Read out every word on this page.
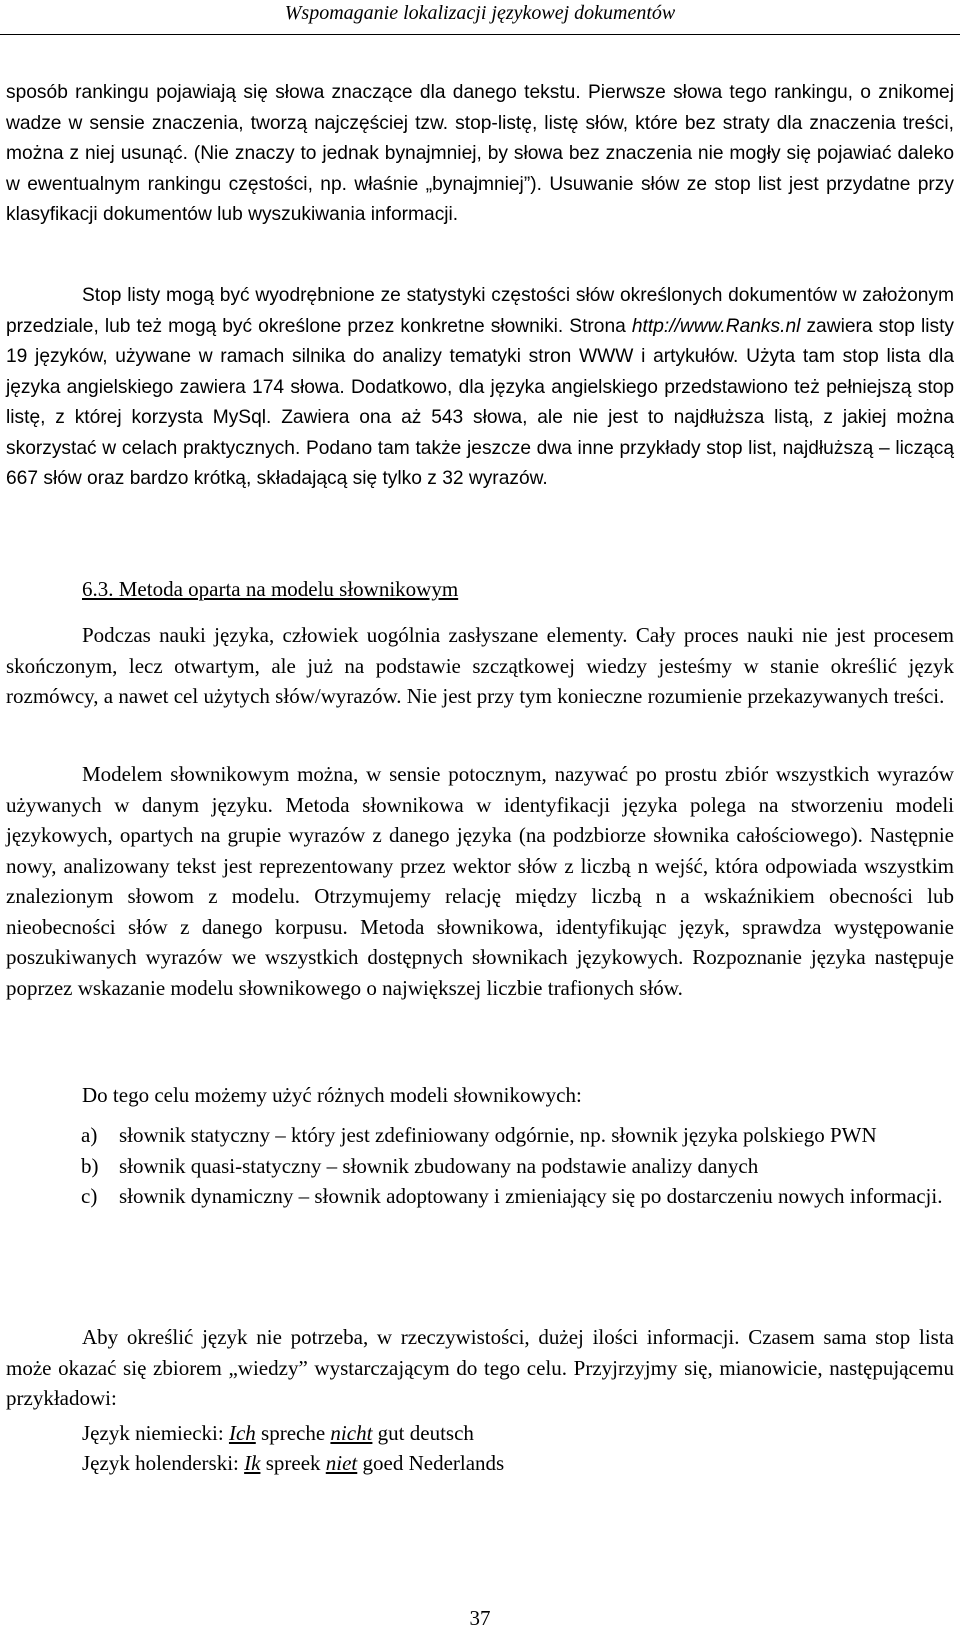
Wspomaganie lokalizacji językowej dokumentów

sposób rankingu pojawiają się słowa znaczące dla danego tekstu. Pierwsze słowa tego rankingu, o znikomej wadze w sensie znaczenia, tworzą najczęściej tzw. stop-listę, listę słów, które bez straty dla znaczenia treści, można z niej usunąć. (Nie znaczy to jednak bynajmniej, by słowa bez znaczenia nie mogły się pojawiać daleko w ewentualnym rankingu częstości, np. właśnie „bynajmniej”). Usuwanie słów ze stop list jest przydatne przy klasyfikacji dokumentów lub wyszukiwania informacji.

Stop listy mogą być wyodrębnione ze statystyki częstości słów określonych dokumentów w założonym przedziale, lub też mogą być określone przez konkretne słowniki. Strona http://www.Ranks.nl zawiera stop listy 19 języków, używane w ramach silnika do analizy tematyki stron WWW i artykułów. Użyta tam stop lista dla języka angielskiego zawiera 174 słowa. Dodatkowo, dla języka angielskiego przedstawiono też pełniejszą stop listę, z której korzysta MySql. Zawiera ona aż 543 słowa, ale nie jest to najdłuższa listą, z jakiej można skorzystać w celach praktycznych. Podano tam także jeszcze dwa inne przykłady stop list, najdłuższą – liczącą 667 słów oraz bardzo krótką, składającą się tylko z 32 wyrazów.

6.3. Metoda oparta na modelu słownikowym

Podczas nauki języka, człowiek uogólnia zasłyszane elementy. Cały proces nauki nie jest procesem skończonym, lecz otwartym, ale już na podstawie szczątkowej wiedzy jesteśmy w stanie określić język rozmówcy, a nawet cel użytych słów/wyrazów. Nie jest przy tym konieczne rozumienie przekazywanych treści.

Modelem słownikowym można, w sensie potocznym, nazywać po prostu zbiór wszystkich wyrazów używanych w danym języku. Metoda słownikowa w identyfikacji języka polega na stworzeniu modeli językowych, opartych na grupie wyrazów z danego języka (na podzbiorze słownika całościowego). Następnie nowy, analizowany tekst jest reprezentowany przez wektor słów z liczbą n wejść, która odpowiada wszystkim znalezionym słowom z modelu. Otrzymujemy relację między liczbą n a wskaźnikiem obecności lub nieobecności słów z danego korpusu. Metoda słownikowa, identyfikując język, sprawdza występowanie poszukiwanych wyrazów we wszystkich dostępnych słownikach językowych. Rozpoznanie języka następuje poprzez wskazanie modelu słownikowego o największej liczbie trafionych słów.

Do tego celu możemy użyć różnych modeli słownikowych:

a)	słownik statyczny – który jest zdefiniowany odgórnie, np. słownik języka polskiego PWN
b) słownik quasi-statyczny – słownik zbudowany na podstawie analizy danych
c)	słownik dynamiczny – słownik adoptowany i zmieniający się po dostarczeniu nowych informacji.

Aby określić język nie potrzeba, w rzeczywistości, dużej ilości informacji. Czasem sama stop lista może okazać się zbiorem „wiedzy” wystarczającym do tego celu. Przyjrzyjmy się, mianowicie, następującemu przykładowi:

Język niemiecki: Ich spreche nicht gut deutsch

Język holenderski: Ik spreek niet goed Nederlands

37
